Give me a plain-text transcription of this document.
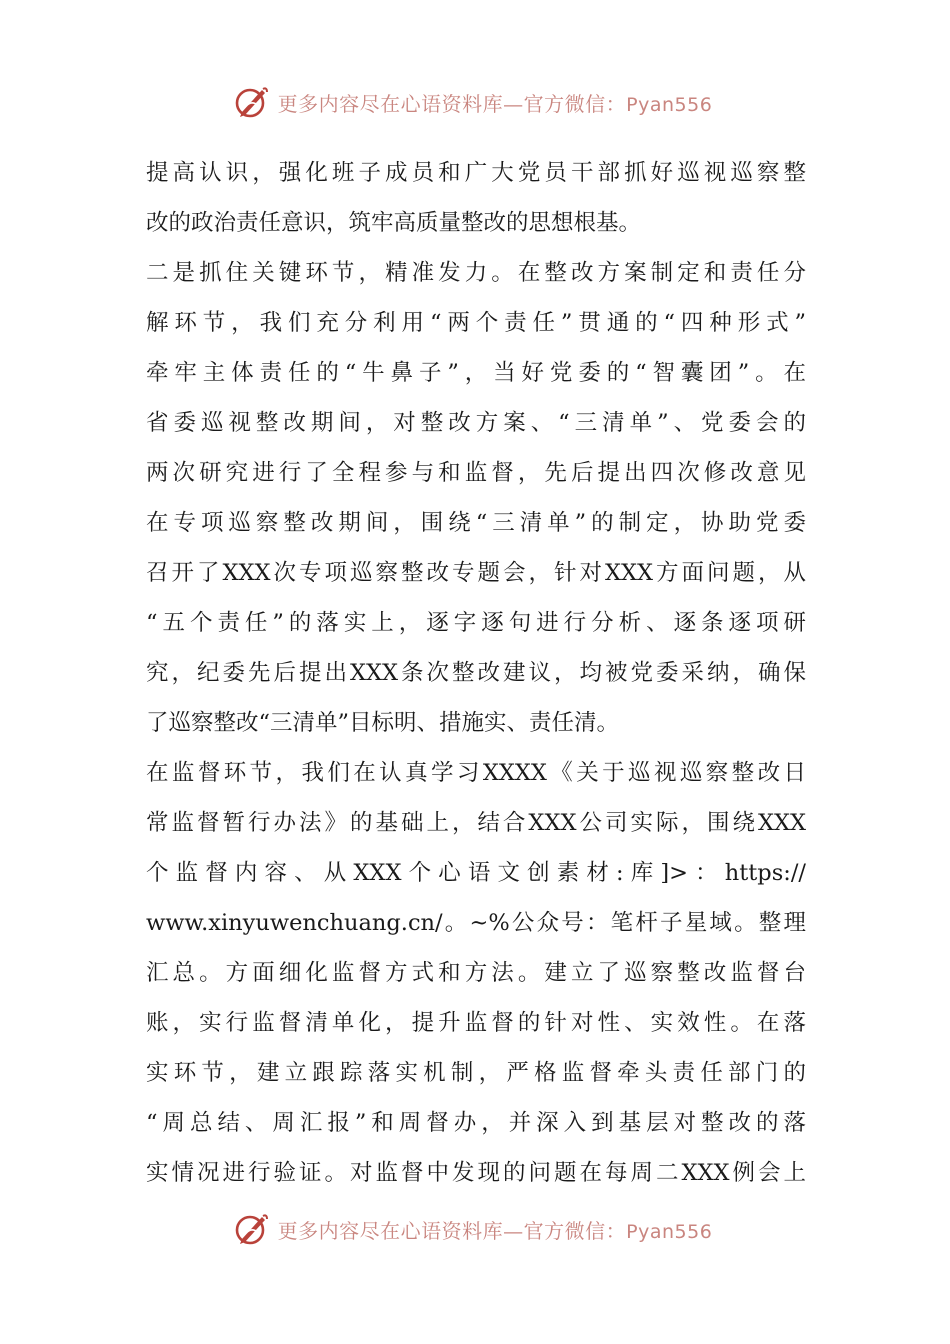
更多内容尽在心语资料库—官方微信：Pyan556
提高认识，强化班子成员和广大党员干部抓好巡视巡察整
改的政治责任意识，筑牢高质量整改的思想根基。
二是抓住关键环节，精准发力。在整改方案制定和责任分
解环节，我们充分利用“两个责任”贯通的“四种形式”
牵牢主体责任的“牛鼻子”，当好党委的“智囊团”。在
省委巡视整改期间，对整改方案、“三清单”、党委会的
两次研究进行了全程参与和监督，先后提出四次修改意见
在专项巡察整改期间，围绕“三清单”的制定，协助党委
召开了XXX次专项巡察整改专题会，针对XXX方面问题，从
“五个责任”的落实上，逐字逐句进行分析、逐条逐项研
究，纪委先后提出XXX条次整改建议，均被党委采纳，确保
了巡察整改“三清单”目标明、措施实、责任清。
在监督环节，我们在认真学习XXXX《关于巡视巡察整改日
常监督暂行办法》的基础上，结合XXX公司实际，围绕XXX
个监督内容、从XXX个心语文创素材:库]>：https://
www.xinyuwenchuang.cn/。~%公众号：笔杆子星域。整理
汇总。方面细化监督方式和方法。建立了巡察整改监督台
账，实行监督清单化，提升监督的针对性、实效性。在落
实环节，建立跟踪落实机制，严格监督牵头责任部门的
“周总结、周汇报”和周督办，并深入到基层对整改的落
实情况进行验证。对监督中发现的问题在每周二XXX例会上
更多内容尽在心语资料库—官方微信：Pyan556
